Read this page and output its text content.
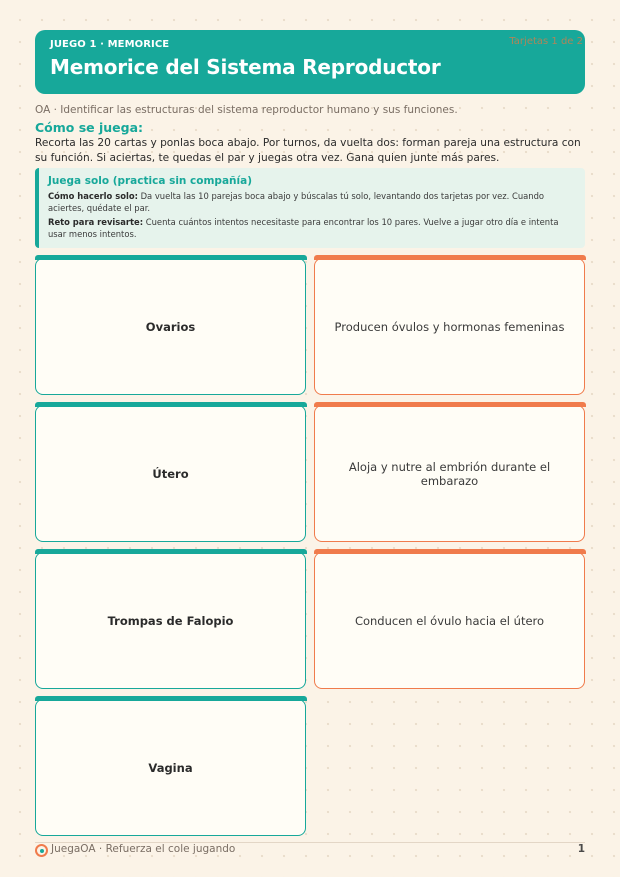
JUEGO 1 · MEMORICE
Memorice del Sistema Reproductor
Tarjetas 1 de 2
OA · Identificar las estructuras del sistema reproductor humano y sus funciones.
Cómo se juega:
Recorta las 20 cartas y ponlas boca abajo. Por turnos, da vuelta dos: forman pareja una estructura con su función. Si aciertas, te quedas el par y juegas otra vez. Gana quien junte más pares.
Juega solo (practica sin compañía)
Cómo hacerlo solo: Da vuelta las 10 parejas boca abajo y búscalas tú solo, levantando dos tarjetas por vez. Cuando aciertes, quédate el par.
Reto para revisarte: Cuenta cuántos intentos necesitaste para encontrar los 10 pares. Vuelve a jugar otro día e intenta usar menos intentos.
Ovarios	Producen óvulos y hormonas femeninas
Útero	Aloja y nutre al embrión durante el embarazo
Trompas de Falopio	Conducen el óvulo hacia el útero
Vagina
JuegaOA · Refuerza el cole jugando	1
